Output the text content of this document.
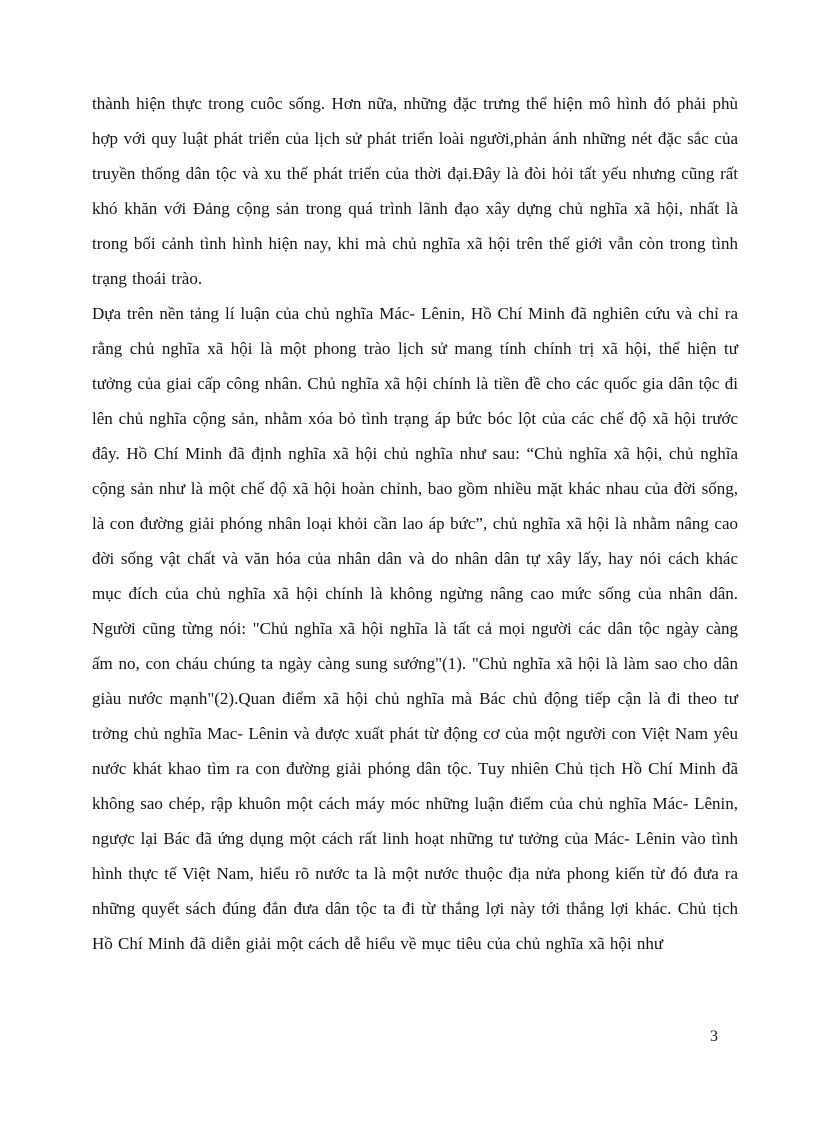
thành hiện thực trong cuôc sống. Hơn nữa, những đặc trưng thể hiện mô hình đó phải phù hợp với quy luật phát triển của lịch sử phát triển loài người,phản ánh những nét đặc sắc của truyền thống dân tộc và xu thế phát triển của thời đại.Đây là đòi hỏi tất yếu nhưng cũng rất khó khăn với Đảng cộng sản trong quá trình lãnh đạo xây dựng chủ nghĩa xã hội, nhất là trong bối cảnh tình hình hiện nay, khi mà chủ nghĩa xã hội trên thế giới vẫn còn trong tình trạng thoái trào.

Dựa trên nền tảng lí luận của chủ nghĩa Mác- Lênin, Hồ Chí Minh đã nghiên cứu và chỉ ra rằng chủ nghĩa xã hội là một phong trào lịch sử mang tính chính trị xã hội, thể hiện tư tưởng của giai cấp công nhân. Chủ nghĩa xã hội chính là tiền đề cho các quốc gia dân tộc đi lên chủ nghĩa cộng sản, nhằm xóa bỏ tình trạng áp bức bóc lột của các chế độ xã hội trước đây. Hồ Chí Minh đã định nghĩa xã hội chủ nghĩa như sau: “Chủ nghĩa xã hội, chủ nghĩa cộng sản như là một chế độ xã hội hoàn chỉnh, bao gồm nhiều mặt khác nhau của đời sống, là con đường giải phóng nhân loại khỏi cần lao áp bức”, chủ nghĩa xã hội là nhằm nâng cao đời sống vật chất và văn hóa của nhân dân và do nhân dân tự xây lấy, hay nói cách khác mục đích của chủ nghĩa xã hội chính là không ngừng nâng cao mức sống của nhân dân. Người cũng từng nói: "Chủ nghĩa xã hội nghĩa là tất cả mọi người các dân tộc ngày càng ấm no, con cháu chúng ta ngày càng sung sướng"(1). "Chủ nghĩa xã hội là làm sao cho dân giàu nước mạnh"(2).Quan điểm xã hội chủ nghĩa mà Bác chủ động tiếp cận là đi theo tư trởng chủ nghĩa Mac- Lênin và được xuất phát từ động cơ của một người con Việt Nam yêu nước khát khao tìm ra con đường giải phóng dân tộc. Tuy nhiên Chủ tịch Hồ Chí Minh đã không sao chép, rập khuôn một cách máy móc những luận điểm của chủ nghĩa Mác- Lênin, ngược lại Bác đã ứng dụng một cách rất linh hoạt những tư tưởng của Mác- Lênin vào tình hình thực tế Việt Nam, hiểu rõ nước ta là một nước thuộc địa nửa phong kiến từ đó đưa ra những quyết sách đúng đắn đưa dân tộc ta đi từ thắng lợi này tới thắng lợi khác. Chủ tịch Hồ Chí Minh đã diễn giải một cách dễ hiểu về mục tiêu của chủ nghĩa xã hội như

3
